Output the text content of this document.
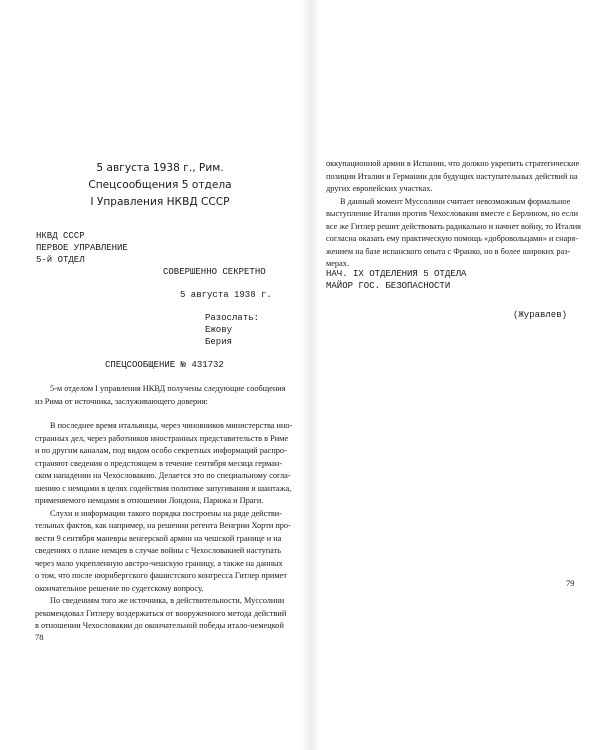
5 августа 1938 г., Рим. Спецсообщения 5 отдела
I Управления НКВД СССР
НКВД СССР
ПЕРВОЕ УПРАВЛЕНИЕ
5-й ОТДЕЛ
СОВЕРШЕННО СЕКРЕТНО
5 августа 1938 г.
Разослать:
Ежову
Берия
СПЕЦСООБЩЕНИЕ № 431732
5-м отделом I управления НКВД получены следующие сообщения
из Рима от источника, заслуживающего доверия:
В последнее время итальянцы, через чиновников министерства ино-
странных дел, через работников иностранных представительств в Риме
и по другим каналам, под видом особо секретных информаций распро-
страняют сведения о предстоящем в течение сентября месяца герман-
ском нападении на Чехословакию. Делается это по специальному согла-
шению с немцами в целях содействия политике запугивания и шантажа,
применяемого немцами в отношении Лондона, Парижа и Праги.
Слухи и информации такого порядка построены на ряде действи-
тельных фактов, как например, на решении регента Венгрии Хорти про-
вести 9 сентября маневры венгерской армии на чешской границе и на
сведениях о плане немцев в случае войны с Чехословакией наступать
через мало укрепленную австро-чешскую границу, а также на данных
о том, что после нюрнбергского фашистского конгресса Гитлер примет
окончательное решение по судетскому вопросу.
По сведениям того же источника, в действительности, Муссолини
рекомендовал Гитлеру воздержаться от вооруженного метода действий
в отношении Чехословакии до окончательной победы итало-немецкой
78
оккупационной армии в Испании, что должно укрепить стратегические
позиции Италии и Германии для будущих наступательных действий на
других европейских участках.
В данный момент Муссолини считает невозможным формальное
выступление Италии против Чехословакии вместе с Берлином, но если
все же Гитлер решит действовать радикально и начнет войну, то Италия
согласна оказать ему практическую помощь «добровольцами» и снаря-
жением на базе испанского опыта с Франко, но в более широких раз-
мерах.
НАЧ. IX ОТДЕЛЕНИЯ 5 ОТДЕЛА
МАЙОР ГОС. БЕЗОПАСНОСТИ
(Журавлев)
79
